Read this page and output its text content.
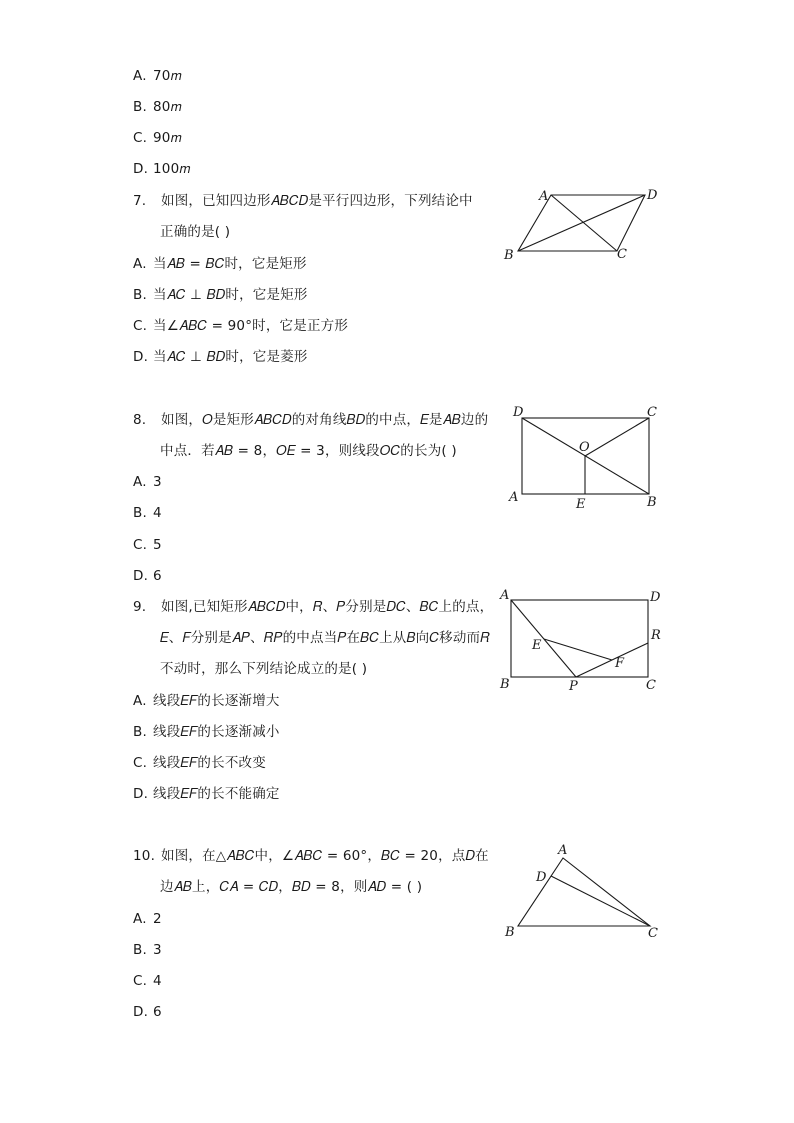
A. 70𝑚
B. 80𝑚
C. 90𝑚
D. 100𝑚
7. 如图，已知四边形𝐴𝐵𝐶𝐷是平行四边形，下列结论中
正确的是( )
A. 当𝐴𝐵 = 𝐵𝐶时，它是矩形
B. 当𝐴𝐶 ⊥ 𝐵𝐷时，它是矩形
C. 当∠𝐴𝐵𝐶 = 90°时，它是正方形
D. 当𝐴𝐶 ⊥ 𝐵𝐷时，它是菱形
A	D
B	C
8. 如图，𝑂是矩形𝐴𝐵𝐶𝐷的对角线𝐵𝐷的中点，𝐸是𝐴𝐵边的
中点．若𝐴𝐵 = 8，𝑂𝐸 = 3，则线段𝑂𝐶的长为( )
A. 3
B. 4
C. 5
D. 6
D	C
O
A	E	B
9. 如图,已知矩形𝐴𝐵𝐶𝐷中，𝑅、𝑃分别是𝐷𝐶、𝐵𝐶上的点，
𝐸、𝐹分别是𝐴𝑃、𝑅𝑃的中点当𝑃在𝐵𝐶上从𝐵向𝐶移动而𝑅
不动时，那么下列结论成立的是( )
A. 线段𝐸𝐹的长逐渐增大
B. 线段𝐸𝐹的长逐渐减小
C. 线段𝐸𝐹的长不改变
D. 线段𝐸𝐹的长不能确定
A	D
R
E
F
B	P	C
10. 如图，在△𝐴𝐵𝐶中，∠𝐴𝐵𝐶 = 60°，𝐵𝐶 = 20，点𝐷在
边𝐴𝐵上，𝐶𝐴 = 𝐶𝐷，𝐵𝐷 = 8，则𝐴𝐷 = ( )
A. 2
B. 3
C. 4
D. 6
A
D
B	C
